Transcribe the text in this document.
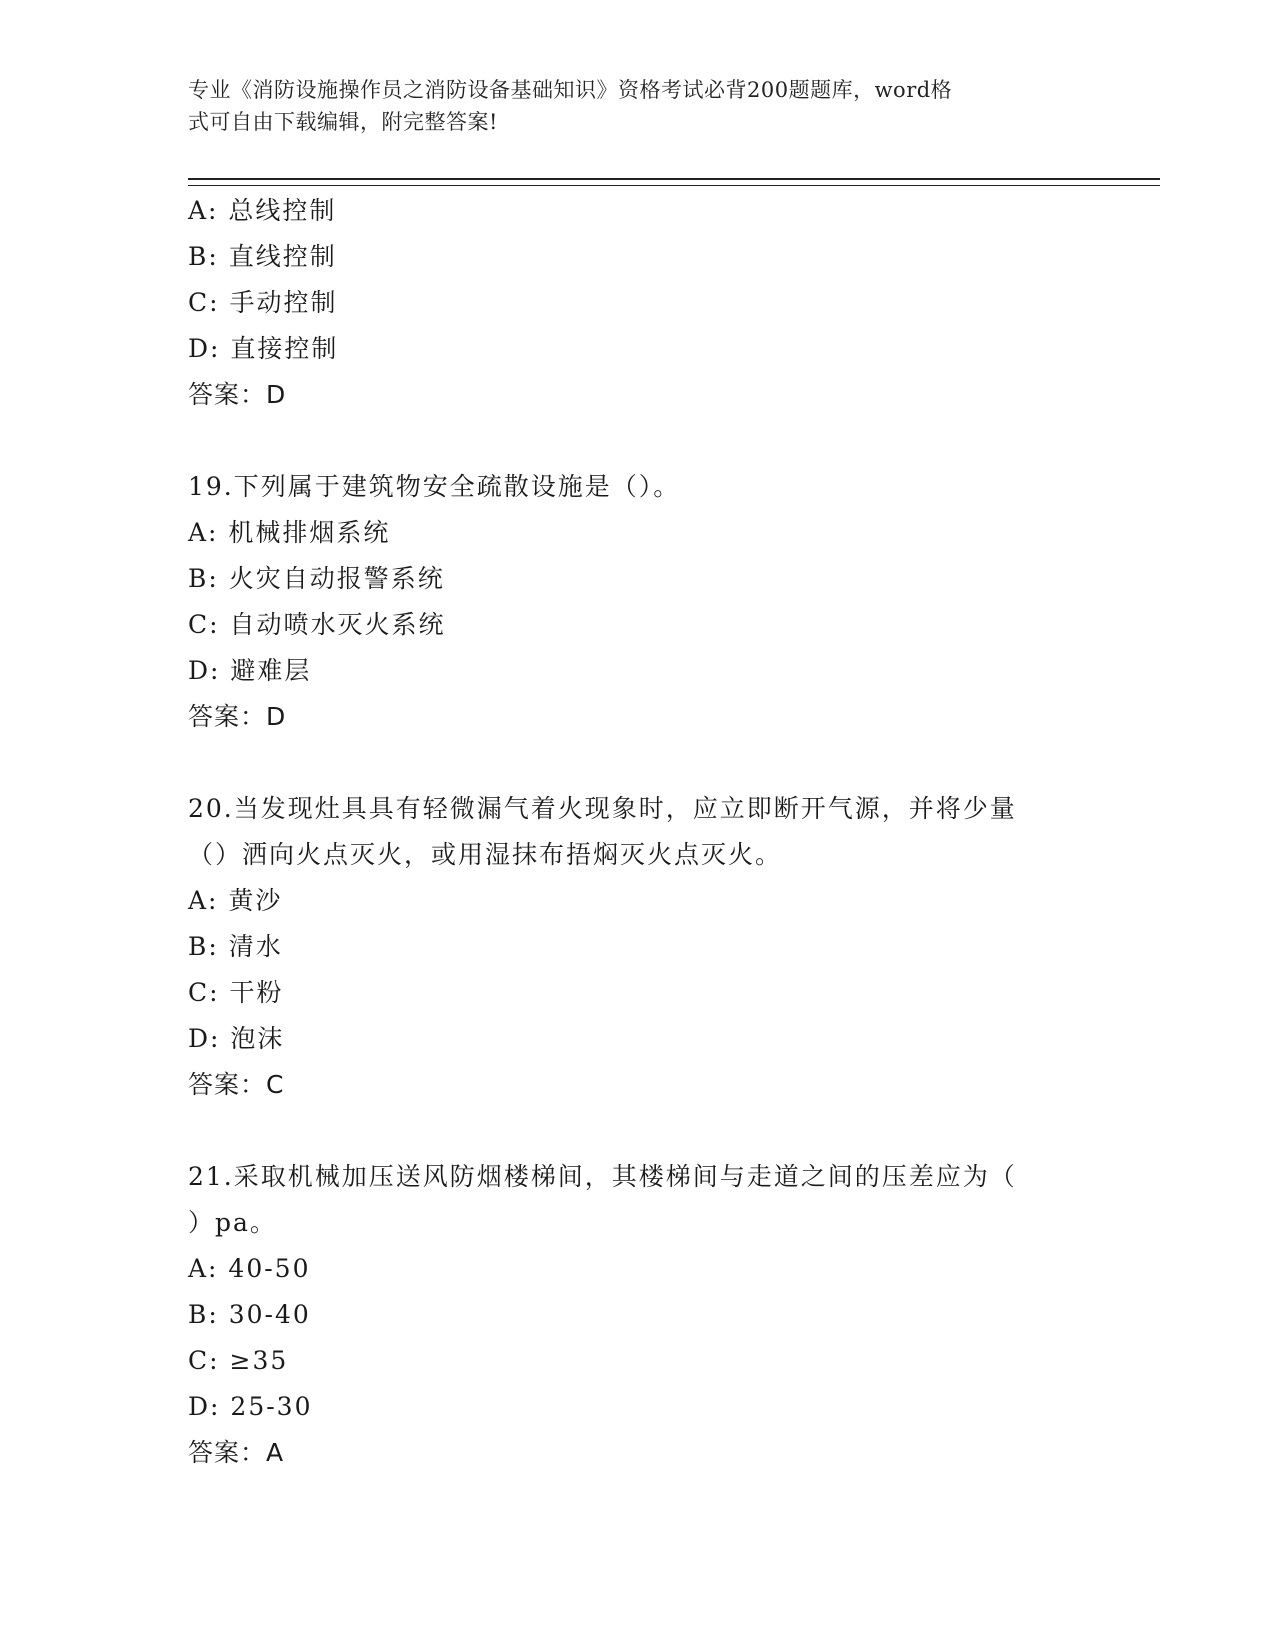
专业《消防设施操作员之消防设备基础知识》资格考试必背200题题库，word格
式可自由下载编辑，附完整答案!
A: 总线控制
B: 直线控制
C: 手动控制
D: 直接控制
答案：D
19.下列属于建筑物安全疏散设施是（）。
A: 机械排烟系统
B: 火灾自动报警系统
C: 自动喷水灭火系统
D: 避难层
答案：D
20.当发现灶具具有轻微漏气着火现象时，应立即断开气源，并将少量
（）洒向火点灭火，或用湿抹布捂焖灭火点灭火。
A: 黄沙
B: 清水
C: 干粉
D: 泡沫
答案：C
21.采取机械加压送风防烟楼梯间，其楼梯间与走道之间的压差应为（
）pa。
A: 40-50
B: 30-40
C: ≥35
D: 25-30
答案：A
